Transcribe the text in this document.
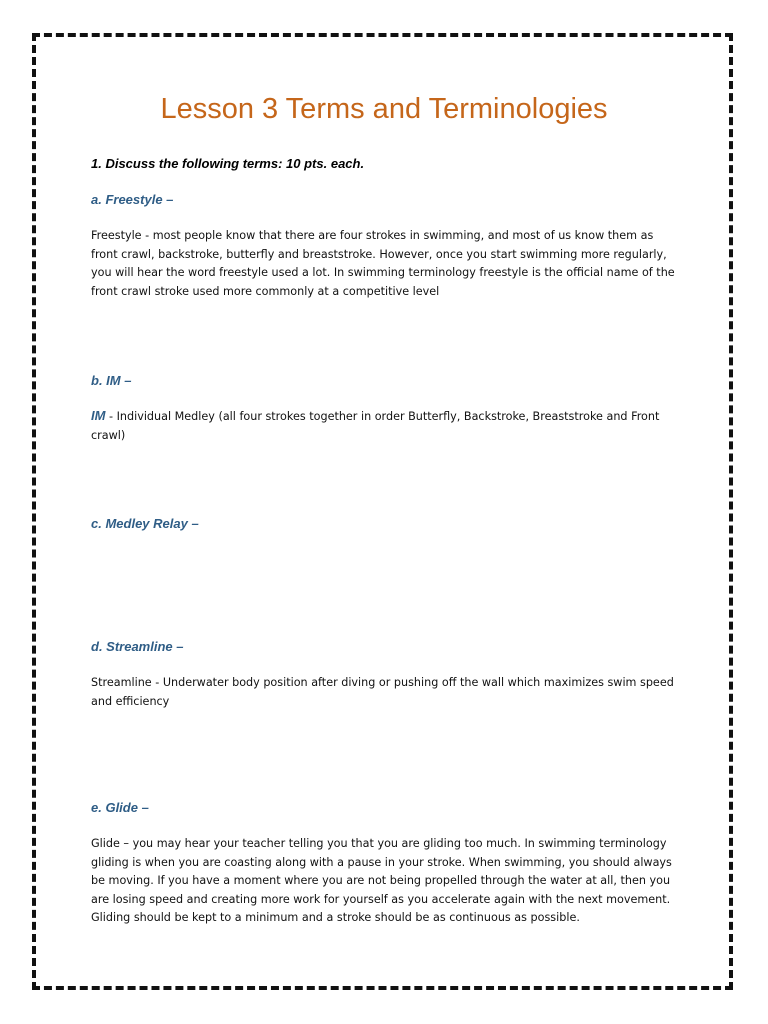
Lesson 3 Terms and Terminologies
1. Discuss the following terms: 10 pts. each.
a. Freestyle –
Freestyle - most people know that there are four strokes in swimming, and most of us know them as front crawl, backstroke, butterfly and breaststroke. However, once you start swimming more regularly, you will hear the word freestyle used a lot. In swimming terminology freestyle is the official name of the front crawl stroke used more commonly at a competitive level
b. IM –
IM - Individual Medley (all four strokes together in order Butterfly, Backstroke, Breaststroke and Front crawl)
c. Medley Relay –
d. Streamline –
Streamline - Underwater body position after diving or pushing off the wall which maximizes swim speed and efficiency
e. Glide –
Glide – you may hear your teacher telling you that you are gliding too much. In swimming terminology gliding is when you are coasting along with a pause in your stroke. When swimming, you should always be moving. If you have a moment where you are not being propelled through the water at all, then you are losing speed and creating more work for yourself as you accelerate again with the next movement. Gliding should be kept to a minimum and a stroke should be as continuous as possible.
